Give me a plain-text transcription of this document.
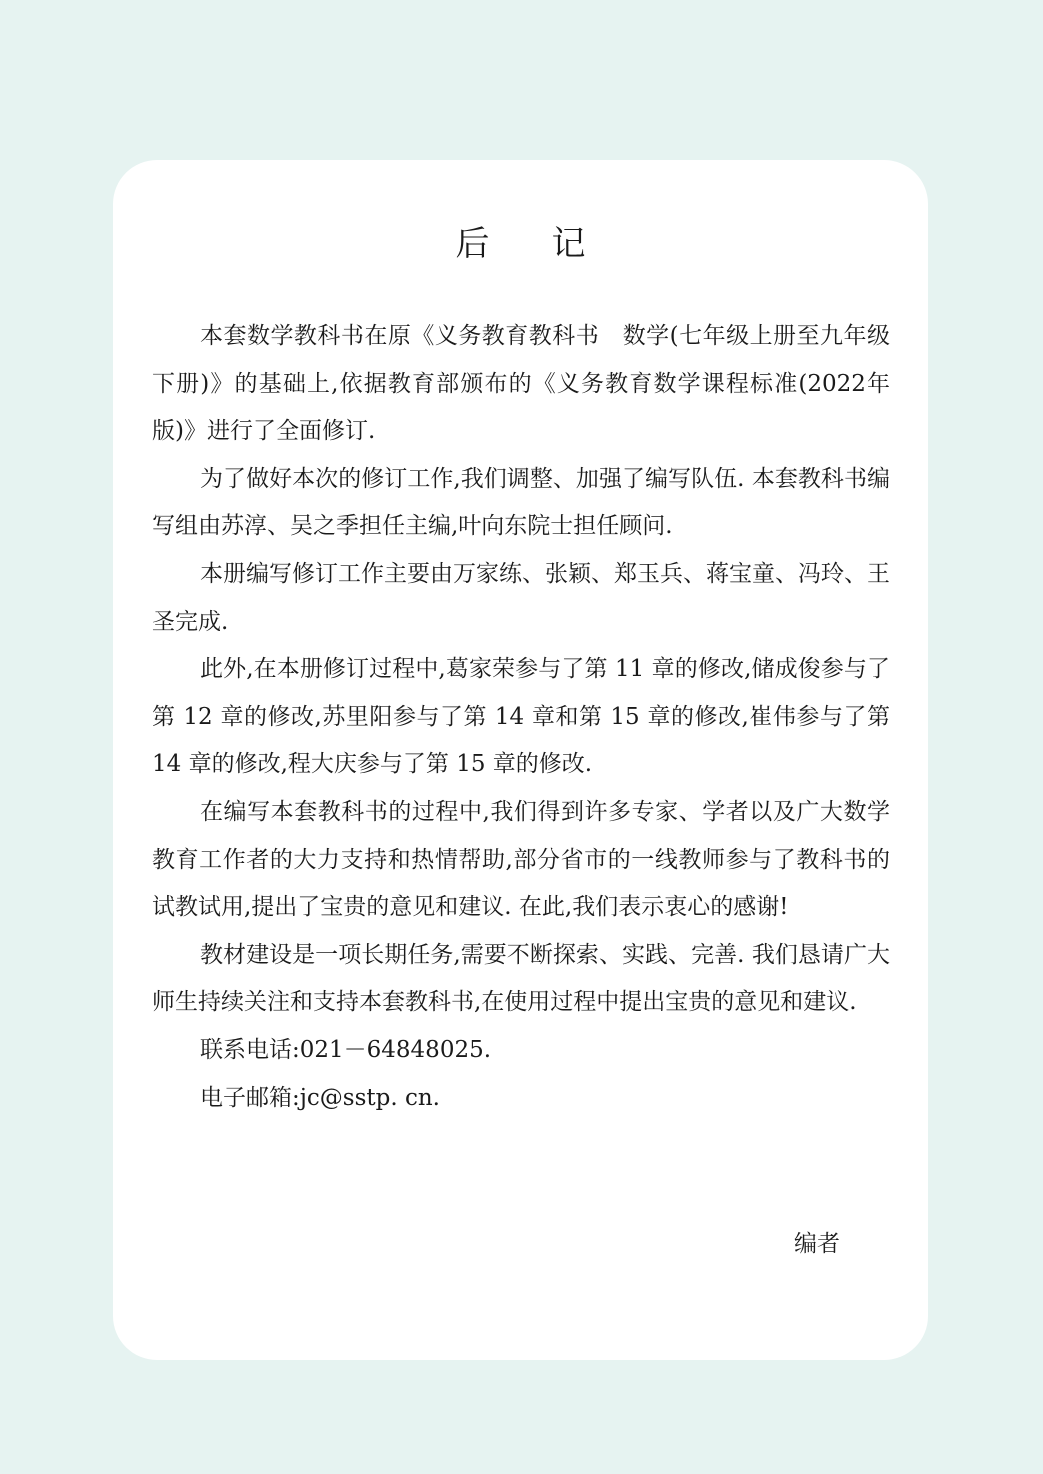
后 记

本套数学教科书在原《义务教育教科书　数学(七年级上册至九年级下册)》的基础上,依据教育部颁布的《义务教育数学课程标准(2022年版)》进行了全面修订.

为了做好本次的修订工作,我们调整、加强了编写队伍. 本套教科书编写组由苏淳、吴之季担任主编,叶向东院士担任顾问.

本册编写修订工作主要由万家练、张颖、郑玉兵、蒋宝童、冯玲、王圣完成.

此外,在本册修订过程中,葛家荣参与了第 11 章的修改,储成俊参与了第 12 章的修改,苏里阳参与了第 14 章和第 15 章的修改,崔伟参与了第 14 章的修改,程大庆参与了第 15 章的修改.

在编写本套教科书的过程中,我们得到许多专家、学者以及广大数学教育工作者的大力支持和热情帮助,部分省市的一线教师参与了教科书的试教试用,提出了宝贵的意见和建议. 在此,我们表示衷心的感谢!

教材建设是一项长期任务,需要不断探索、实践、完善. 我们恳请广大师生持续关注和支持本套教科书,在使用过程中提出宝贵的意见和建议.

联系电话:021－64848025.

电子邮箱:jc@sstp. cn.

编者
